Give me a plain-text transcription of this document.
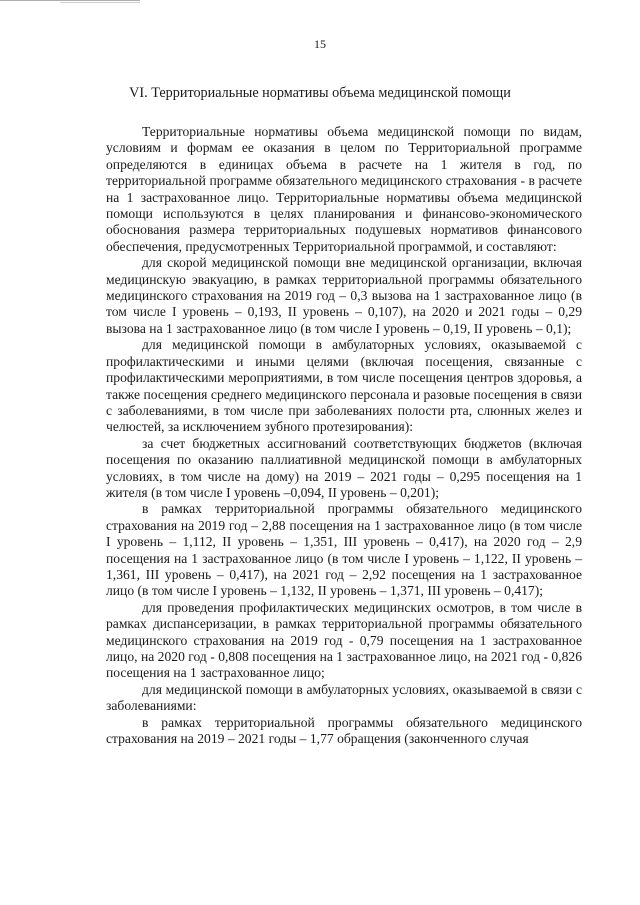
15
VI. Территориальные нормативы объема медицинской помощи

Территориальные нормативы объема медицинской помощи по видам, условиям и формам ее оказания в целом по Территориальной программе определяются в единицах объема в расчете на 1 жителя в год, по территориальной программе обязательного медицинского страхования - в расчете на 1 застрахованное лицо. Территориальные нормативы объема медицинской помощи используются в целях планирования и финансово-экономического обоснования размера территориальных подушевых нормативов финансового обеспечения, предусмотренных Территориальной программой, и составляют:

для скорой медицинской помощи вне медицинской организации, включая медицинскую эвакуацию, в рамках территориальной программы обязательного медицинского страхования на 2019 год – 0,3 вызова на 1 застрахованное лицо (в том числе I уровень – 0,193, II уровень – 0,107), на 2020 и 2021 годы – 0,29 вызова на 1 застрахованное лицо (в том числе I уровень – 0,19, II уровень – 0,1);

для медицинской помощи в амбулаторных условиях, оказываемой с профилактическими и иными целями (включая посещения, связанные с профилактическими мероприятиями, в том числе посещения центров здоровья, а также посещения среднего медицинского персонала и разовые посещения в связи с заболеваниями, в том числе при заболеваниях полости рта, слюнных желез и челюстей, за исключением зубного протезирования):

за счет бюджетных ассигнований соответствующих бюджетов (включая посещения по оказанию паллиативной медицинской помощи в амбулаторных условиях, в том числе на дому) на 2019 – 2021 годы – 0,295 посещения на 1 жителя (в том числе I уровень –0,094, II уровень – 0,201);

в рамках территориальной программы обязательного медицинского страхования на 2019 год – 2,88 посещения на 1 застрахованное лицо (в том числе I уровень – 1,112, II уровень – 1,351, III уровень – 0,417), на 2020 год – 2,9 посещения на 1 застрахованное лицо (в том числе I уровень – 1,122, II уровень – 1,361, III уровень – 0,417), на 2021 год – 2,92 посещения на 1 застрахованное лицо (в том числе I уровень – 1,132, II уровень – 1,371, III уровень – 0,417);

для проведения профилактических медицинских осмотров, в том числе в рамках диспансеризации, в рамках территориальной программы обязательного медицинского страхования на 2019 год - 0,79 посещения на 1 застрахованное лицо, на 2020 год - 0,808 посещения на 1 застрахованное лицо, на 2021 год - 0,826 посещения на 1 застрахованное лицо;

для медицинской помощи в амбулаторных условиях, оказываемой в связи с заболеваниями:

в рамках территориальной программы обязательного медицинского страхования на 2019 – 2021 годы – 1,77 обращения (законченного случая
